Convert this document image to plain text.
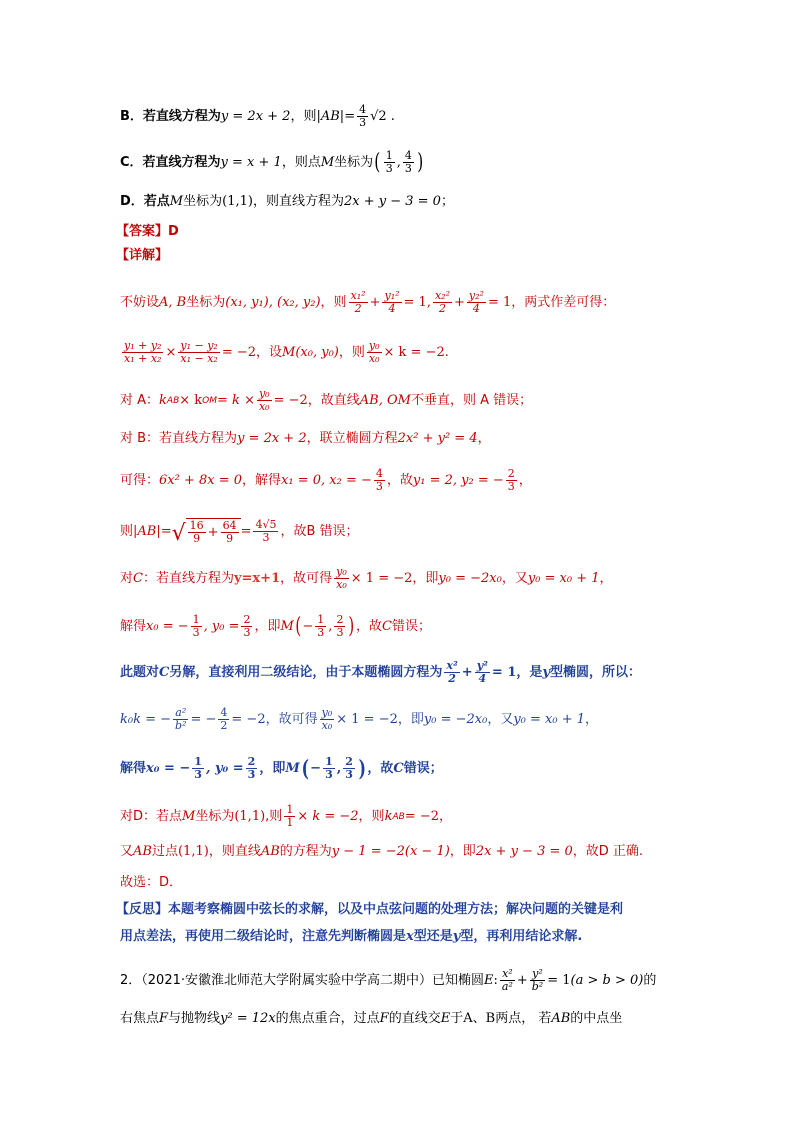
B．若直线方程为 y = 2x + 2 ，则 $|AB| = \frac{4}{3} √2$ .
C．若直线方程为 y = x + 1 ，则点 M 坐标为 ( $\frac{1}{3}$ , $\frac{4}{3}$ )
D．若点 M 坐标为 (1,1) ，则直线方程为 2x + y − 3 = 0 ；
【答案】D
【详解】
不妨设 A, B 坐标为 (x₁, y₁), (x₂, y₂) ，则 $\frac{\text{x₁²}}{2} + \frac{\text{y₁²}}{4} = 1$, $\frac{\text{x₂²}}{2} + \frac{\text{y₂²}}{4} = 1$ ，两式作差可得：
$\frac{\text{y₁ + y₂}}{\text{x₁ + x₂}} \times \frac{\text{y₁ − y₂}}{\text{x₁ − x₂}} = -2$，设 M(x₀, y₀) ，则 $\frac{\text{y₀}}{\text{x₀}} \times k = -2$.
对 A： k AB × k OM = $k \times \frac{\text{y₀}}{\text{x₀}} = -2$，故直线 AB, OM 不垂直，则 A 错误；
对 B：若直线方程为 y = 2x + 2 ，联立椭圆方程 2x² + y² = 4 ，
可得： 6x² + 8x = 0 ，解得 x₁ = 0, x₂ = − $\frac{4}{3}$ ，故 y₁ = 2, y₂ = − $\frac{2}{3}$ ，
则 |AB| = √ $\frac{16}{9} + \frac{64}{9} = \frac{4√5}{3}$ ，故B 错误；
对 C ：若直线方程为 y=x+1 ，故可得 $\frac{\text{y₀}}{\text{x₀}} \times 1 = -2$ ，即 y₀ = −2x₀ ，又 y₀ = x₀ + 1 ，
解得 x₀ = − $\frac{1}{3}$ , $y_0 = \frac{2}{3}$ ，即 M ( − $\frac{1}{3}$ , $\frac{2}{3}$ ) ，故 C 错误；
此题对 C 另解，直接利用二级结论，由于本题椭圆方程为 $\frac{\text{x²}}{2} + \frac{\text{y²}}{4} = 1$ ，是 y 型椭圆，所以：
k₀k = − $\frac{\text{a²}}{\text{b²}}$ = − $\frac{4}{2} = -2$ ，故可得 $\frac{\text{y₀}}{\text{x₀}} \times 1 = -2$ ，即 y₀ = −2x₀ ，又 y₀ = x₀ + 1 ，
解得 x₀ = − $\frac{1}{3}$ , $y_0 = \frac{2}{3}$ ，即 M ( − $\frac{1}{3}$ , $\frac{2}{3}$ ) ，故 C 错误；
对D：若点 M 坐标为 (1,1) ,则 $\frac{1}{1} \times k = -2$ ，则 k AB = −2 ，
又 AB 过点 (1,1) ，则直线 AB 的方程为 y − 1 = −2(x − 1) ，即 2x + y − 3 = 0 ，故D 正确.
故选：D．
【反思】本题考察椭圆中弦长的求解，以及中点弦问题的处理方法；解决问题的关键是利
用点差法，再使用二级结论时，注意先判断椭圆是 x 型还是 y 型，再利用结论求解.
2．（2021·安徽淮北师范大学附属实验中学高二期中）已知椭圆 E : $\frac{\text{x²}}{\text{a²}} + \frac{\text{y²}}{\text{b²}} = 1$ (a > b > 0) 的
右焦点 F 与抛物线 y² = 12x 的焦点重合，过点 F 的直线交 E 于 A 、 B 两点， 若 AB 的中点坐
